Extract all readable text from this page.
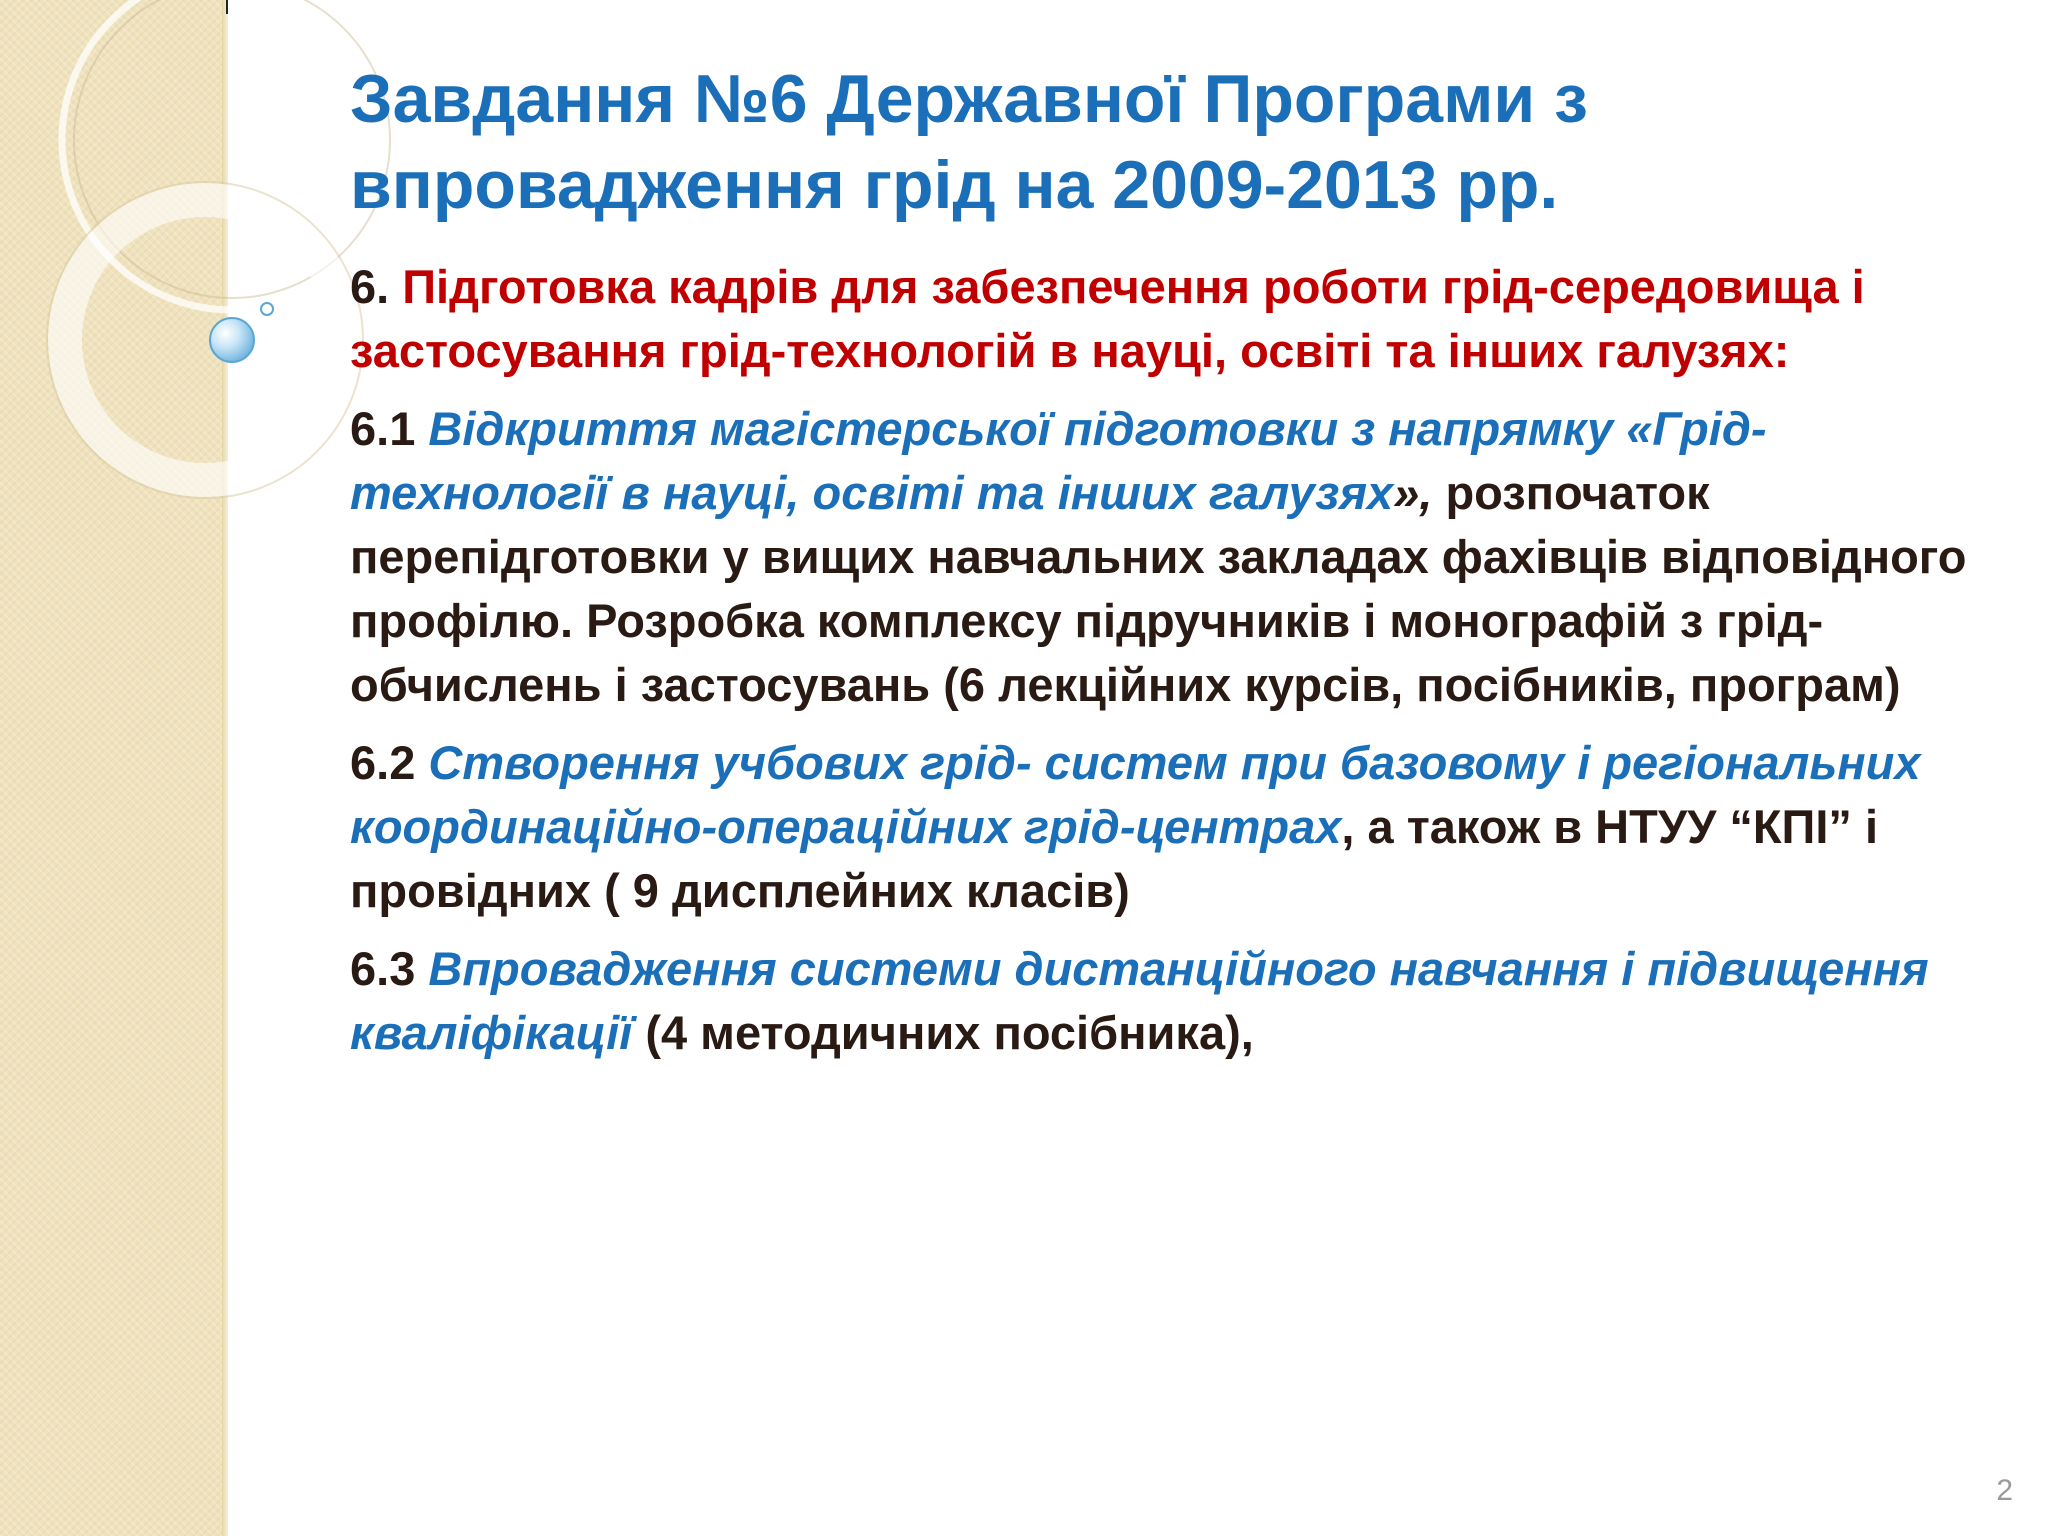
Завдання №6 Державної Програми з
впровадження грід на 2009-2013 рр.

6. Підготовка кадрів для забезпечення роботи грід-середовища і застосування грід-технологій в науці, освіті та інших галузях:

6.1 Відкриття магістерської підготовки з напрямку «Грід-технології в науці, освіті та інших галузях», розпочаток перепідготовки у вищих навчальних закладах фахівців відповідного профілю. Розробка комплексу підручників і монографій з грід- обчислень і застосувань (6 лекційних курсів, посібників, програм)

6.2 Створення учбових грід- систем при базовому і регіональних координаційно-операційних грід-центрах, а також в НТУУ “КПІ” і провідних ( 9 дисплейних класів)

6.3 Впровадження системи дистанційного навчання і підвищення кваліфікації (4 методичних посібника),

2
